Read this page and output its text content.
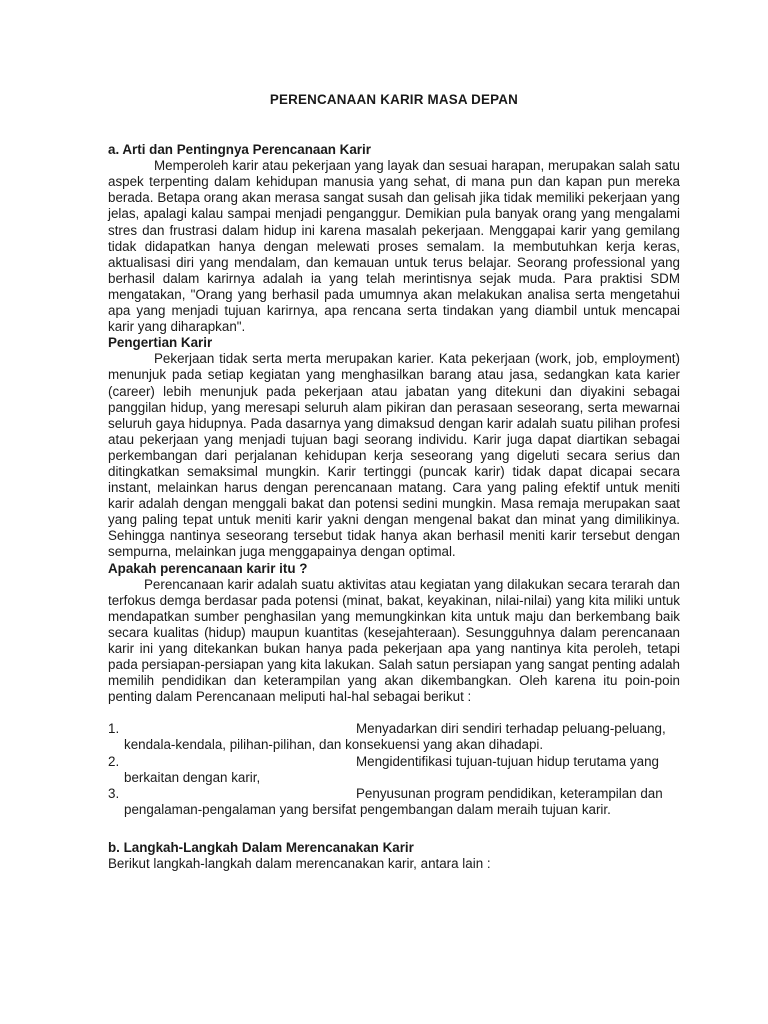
PERENCANAAN KARIR MASA DEPAN

a. Arti dan Pentingnya Perencanaan Karir

Memperoleh karir atau pekerjaan yang layak dan sesuai harapan, merupakan salah satu aspek terpenting dalam kehidupan manusia yang sehat, di mana pun dan kapan pun mereka berada. Betapa orang akan merasa sangat susah dan gelisah jika tidak memiliki pekerjaan yang jelas, apalagi kalau sampai menjadi penganggur. Demikian pula banyak orang yang mengalami stres dan frustrasi dalam hidup ini karena masalah pekerjaan. Menggapai karir yang gemilang tidak didapatkan hanya dengan melewati proses semalam. Ia membutuhkan kerja keras, aktualisasi diri yang mendalam, dan kemauan untuk terus belajar. Seorang professional yang berhasil dalam karirnya adalah ia yang telah merintisnya sejak muda. Para praktisi SDM mengatakan, "Orang yang berhasil pada umumnya akan melakukan analisa serta mengetahui apa yang menjadi tujuan karirnya, apa rencana serta tindakan yang diambil untuk mencapai karir yang diharapkan".

Pengertian Karir

Pekerjaan tidak serta merta merupakan karier. Kata pekerjaan (work, job, employment) menunjuk pada setiap kegiatan yang menghasilkan barang atau jasa, sedangkan kata karier (career) lebih menunjuk pada pekerjaan atau jabatan yang ditekuni dan diyakini sebagai panggilan hidup, yang meresapi seluruh alam pikiran dan perasaan seseorang, serta mewarnai seluruh gaya hidupnya. Pada dasarnya yang dimaksud dengan karir adalah suatu pilihan profesi atau pekerjaan yang menjadi tujuan bagi seorang individu. Karir juga dapat diartikan sebagai perkembangan dari perjalanan kehidupan kerja seseorang yang digeluti secara serius dan ditingkatkan semaksimal mungkin. Karir tertinggi (puncak karir) tidak dapat dicapai secara instant, melainkan harus dengan perencanaan matang. Cara yang paling efektif untuk meniti karir adalah dengan menggali bakat dan potensi sedini mungkin. Masa remaja merupakan saat yang paling tepat untuk meniti karir yakni dengan mengenal bakat dan minat yang dimilikinya. Sehingga nantinya seseorang tersebut tidak hanya akan berhasil meniti karir tersebut dengan sempurna, melainkan juga menggapainya dengan optimal.

Apakah perencanaan karir itu ?

Perencanaan karir adalah suatu aktivitas atau kegiatan yang dilakukan secara terarah dan terfokus demga berdasar pada potensi (minat, bakat, keyakinan, nilai-nilai) yang kita miliki untuk mendapatkan sumber penghasilan yang memungkinkan kita untuk maju dan berkembang baik secara kualitas (hidup) maupun kuantitas (kesejahteraan). Sesungguhnya dalam perencanaan karir ini yang ditekankan bukan hanya pada pekerjaan apa yang nantinya kita peroleh, tetapi pada persiapan-persiapan yang kita lakukan. Salah satun persiapan yang sangat penting adalah memilih pendidikan dan keterampilan yang akan dikembangkan. Oleh karena itu poin-poin penting dalam Perencanaan meliputi hal-hal sebagai berikut :

1.	Menyadarkan diri sendiri terhadap peluang-peluang,
kendala-kendala, pilihan-pilihan, dan konsekuensi yang akan dihadapi.
2.	Mengidentifikasi tujuan-tujuan hidup terutama yang
berkaitan dengan karir,
3.	Penyusunan program pendidikan, keterampilan dan
pengalaman-pengalaman yang bersifat pengembangan dalam meraih tujuan karir.

b. Langkah-Langkah Dalam Merencanakan Karir

Berikut langkah-langkah dalam merencanakan karir, antara lain :
